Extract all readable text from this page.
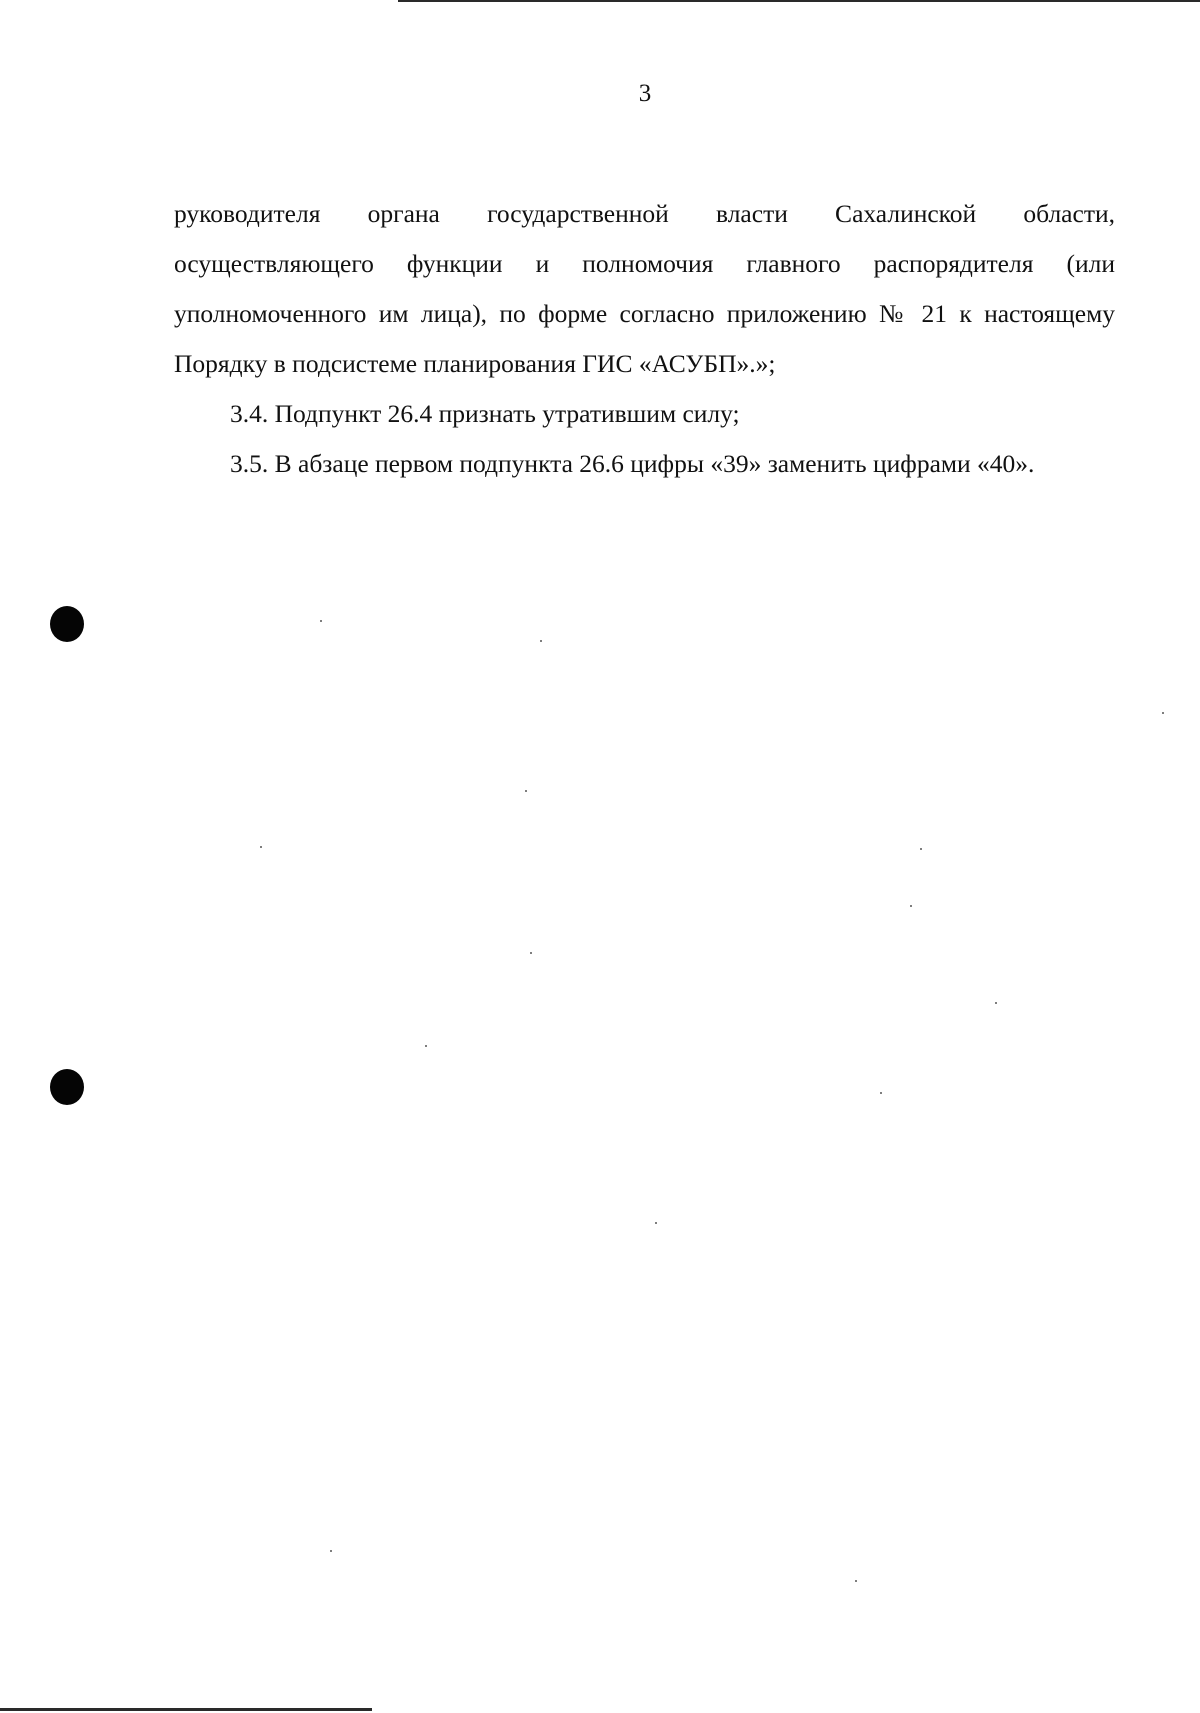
3

руководителя органа государственной власти Сахалинской области, осуществляющего функции и полномочия главного распорядителя (или уполномоченного им лица), по форме согласно приложению № 21 к настоящему Порядку в подсистеме планирования ГИС «АСУБП».»;

3.4. Подпункт 26.4 признать утратившим силу;

3.5. В абзаце первом подпункта 26.6 цифры «39» заменить цифрами «40».
